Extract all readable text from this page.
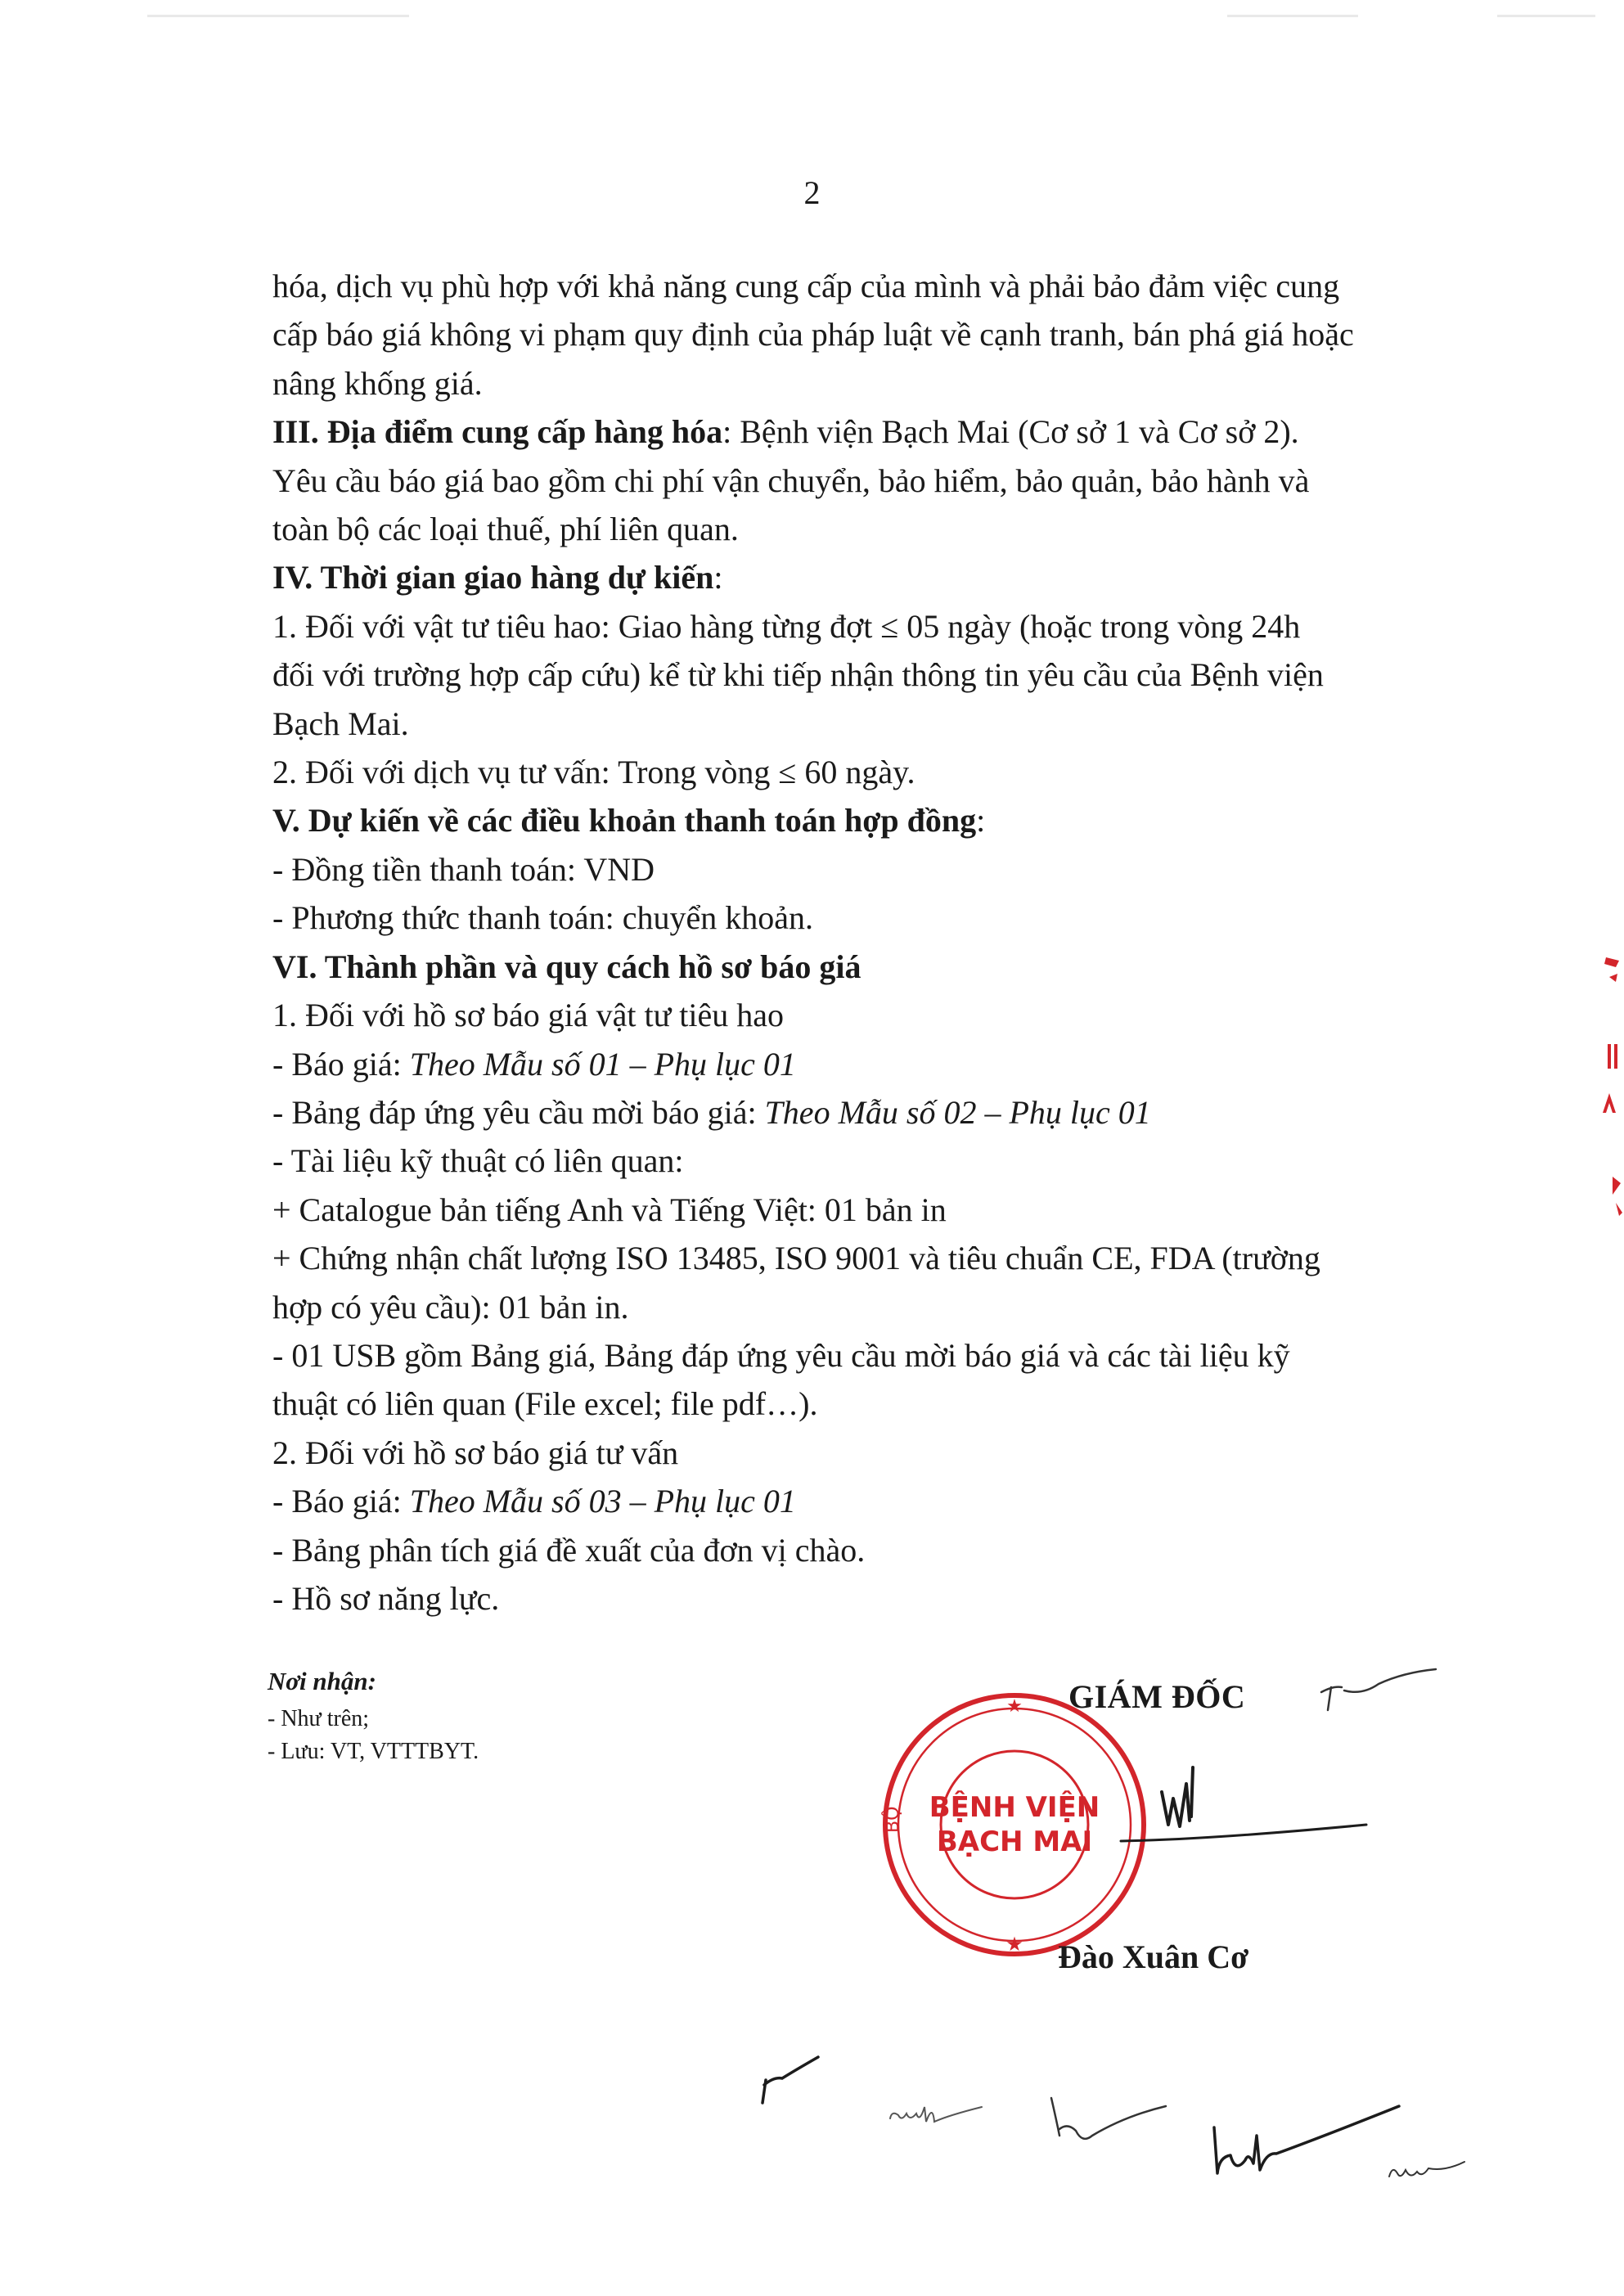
2

hóa, dịch vụ phù hợp với khả năng cung cấp của mình và phải bảo đảm việc cung

cấp báo giá không vi phạm quy định của pháp luật về cạnh tranh, bán phá giá hoặc

nâng khống giá.

III. Địa điểm cung cấp hàng hóa: Bệnh viện Bạch Mai (Cơ sở 1 và Cơ sở 2).

Yêu cầu báo giá bao gồm chi phí vận chuyển, bảo hiểm, bảo quản, bảo hành và

toàn bộ các loại thuế, phí liên quan.

IV. Thời gian giao hàng dự kiến:

1. Đối với vật tư tiêu hao: Giao hàng từng đợt ≤ 05 ngày (hoặc trong vòng 24h

đối với trường hợp cấp cứu) kể từ khi tiếp nhận thông tin yêu cầu của Bệnh viện

Bạch Mai.

2. Đối với dịch vụ tư vấn: Trong vòng ≤ 60 ngày.

V. Dự kiến về các điều khoản thanh toán hợp đồng:

- Đồng tiền thanh toán: VND

- Phương thức thanh toán: chuyển khoản.

VI. Thành phần và quy cách hồ sơ báo giá

1. Đối với hồ sơ báo giá vật tư tiêu hao

- Báo giá: Theo Mẫu số 01 – Phụ lục 01

- Bảng đáp ứng yêu cầu mời báo giá: Theo Mẫu số 02 – Phụ lục 01

- Tài liệu kỹ thuật có liên quan:

+ Catalogue bản tiếng Anh và Tiếng Việt: 01 bản in

+ Chứng nhận chất lượng ISO 13485, ISO 9001 và tiêu chuẩn CE, FDA (trường

hợp có yêu cầu): 01 bản in.

- 01 USB gồm Bảng giá, Bảng đáp ứng yêu cầu mời báo giá và các tài liệu kỹ

thuật có liên quan (File excel; file pdf…).

2. Đối với hồ sơ báo giá tư vấn

- Báo giá: Theo Mẫu số 03 – Phụ lục 01

- Bảng phân tích giá đề xuất của đơn vị chào.

- Hồ sơ năng lực.

Nơi nhận:
- Như trên;
- Lưu: VT, VTTTBYT.
★
★
BỘ BỆNH VIỆN
BẠCH MAI
GIÁM ĐỐC
Đào Xuân Cơ
